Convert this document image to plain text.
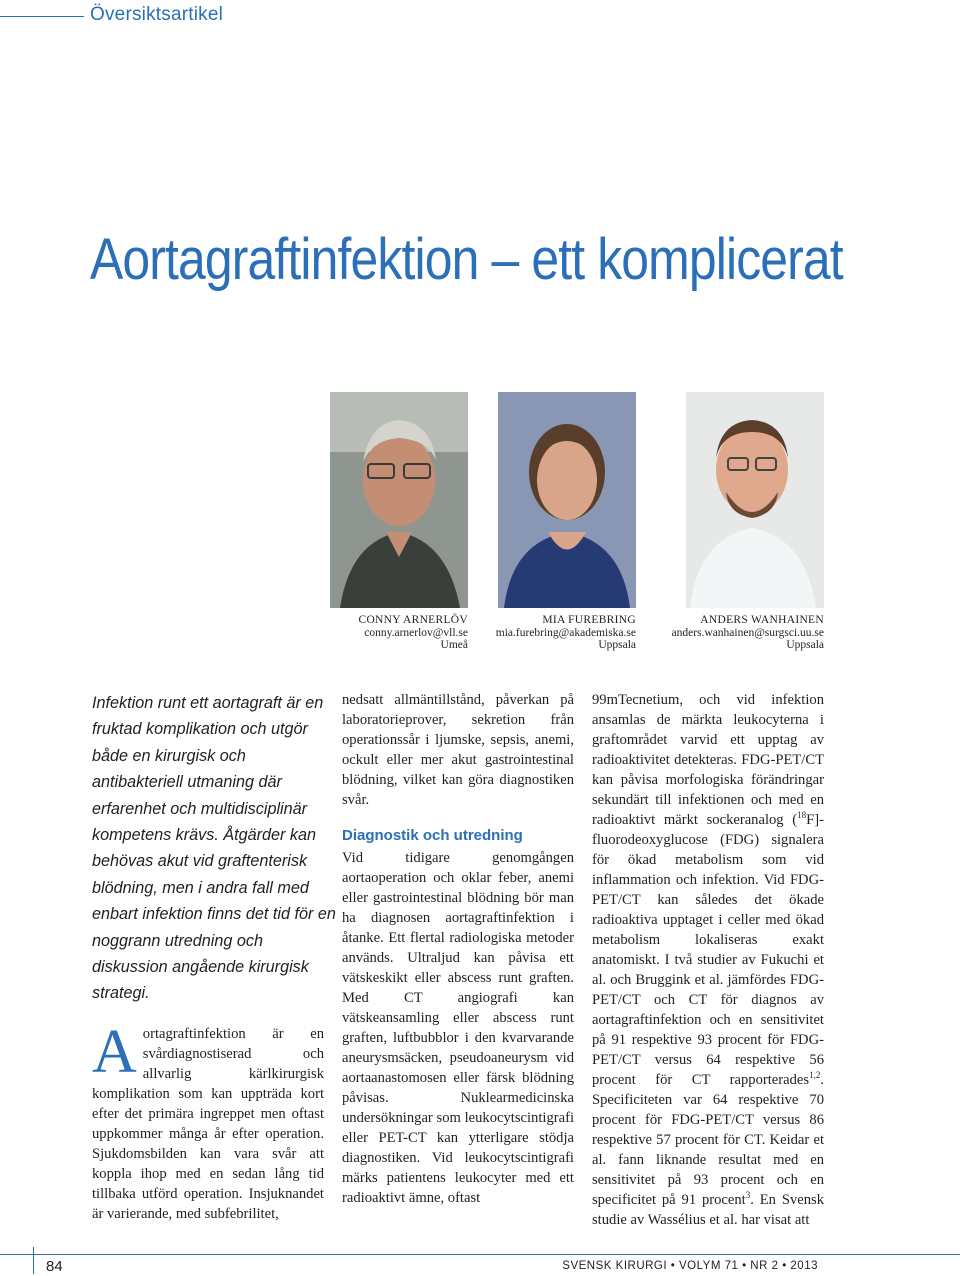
Översiktsartikel
Aortagraftinfektion – ett komplicerat
CONNY ARNERLÖV
conny.arnerlov@vll.se
Umeå
MIA FUREBRING
mia.furebring@akademiska.se
Uppsala
ANDERS WANHAINEN
anders.wanhainen@surgsci.uu.se
Uppsala
Infektion runt ett aortagraft är en fruktad komplikation och utgör både en kirurgisk och antibakteriell utmaning där erfarenhet och multidisciplinär kompetens krävs. Åtgärder kan behövas akut vid graftenterisk blödning, men i andra fall med enbart infektion finns det tid för en noggrann utredning och diskussion angående kirurgisk strategi.
A ortagraftinfektion är en svårdiagnostiserad och allvarlig kärlkirurgisk komplikation som kan uppträda kort efter det primära ingreppet men oftast uppkommer många år efter operation. Sjukdomsbilden kan vara svår att koppla ihop med en sedan lång tid tillbaka utförd operation. Insjuknandet är varierande, med subfebrilitet,

nedsatt allmäntillstånd, påverkan på laboratorieprover, sekretion från operationssår i ljumske, sepsis, anemi, ockult eller mer akut gastrointestinal blödning, vilket kan göra diagnostiken svår.

Diagnostik och utredning

Vid tidigare genomgången aortaoperation och oklar feber, anemi eller gastrointestinal blödning bör man ha diagnosen aortagraftinfektion i åtanke. Ett flertal radiologiska metoder används. Ultraljud kan påvisa ett vätskeskikt eller abscess runt graften. Med CT angiografi kan vätskeansamling eller abscess runt graften, luftbubblor i den kvarvarande aneurysmsäcken, pseudoaneurysm vid aortaanastomosen eller färsk blödning påvisas. Nuklearmedicinska undersökningar som leukocytscintigrafi eller PET-CT kan ytterligare stödja diagnostiken. Vid leukocytscintigrafi märks patientens leukocyter med ett radioaktivt ämne, oftast

99mTecnetium, och vid infektion ansamlas de märkta leukocyterna i graftområdet varvid ett upptag av radioaktivitet detekteras. FDG-PET/CT kan påvisa morfologiska förändringar sekundärt till infektionen och med en radioaktivt märkt sockeranalog ($^{18}$F]-fluorodeoxyglucose (FDG) signalera för ökad metabolism som vid inflammation och infektion. Vid FDG-PET/CT kan således det ökade radioaktiva upptaget i celler med ökad metabolism lokaliseras exakt anatomiskt. I två studier av Fukuchi et al. och Bruggink et al. jämfördes FDG-PET/CT och CT för diagnos av aortagraftinfektion och en sensitivitet på 91 respektive 93 procent för FDG-PET/CT versus 64 respektive 56 procent för CT rapporterades$^{1,2}$. Specificiteten var 64 respektive 70 procent för FDG-PET/CT versus 86 respektive 57 procent för CT. Keidar et al. fann liknande resultat med en sensitivitet på 93 procent och en specificitet på 91 procent$^3$. En Svensk studie av Wassélius et al. har visat att

84	SVENSK KIRURGI • VOLYM 71 • NR 2 • 2013
